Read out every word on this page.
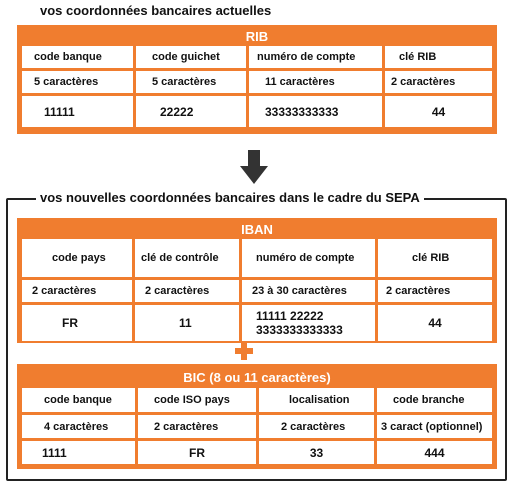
vos coordonnées bancaires actuelles
RIB
code banque	code guichet	numéro de compte	clé RIB
5 caractères	5 caractères	11 caractères	2 caractères
11111	22222	33333333333	44
vos nouvelles coordonnées bancaires dans le cadre du SEPA
IBAN
code pays	clé de contrôle	numéro de compte	clé RIB
2 caractères	2 caractères	23 à 30 caractères	2 caractères
FR	11	11111 22222 3333333333333	44
BIC (8 ou 11 caractères)
code banque	code ISO pays	localisation	code branche
4 caractères	2 caractères	2 caractères	3 caract (optionnel)
1111	FR	33	444
